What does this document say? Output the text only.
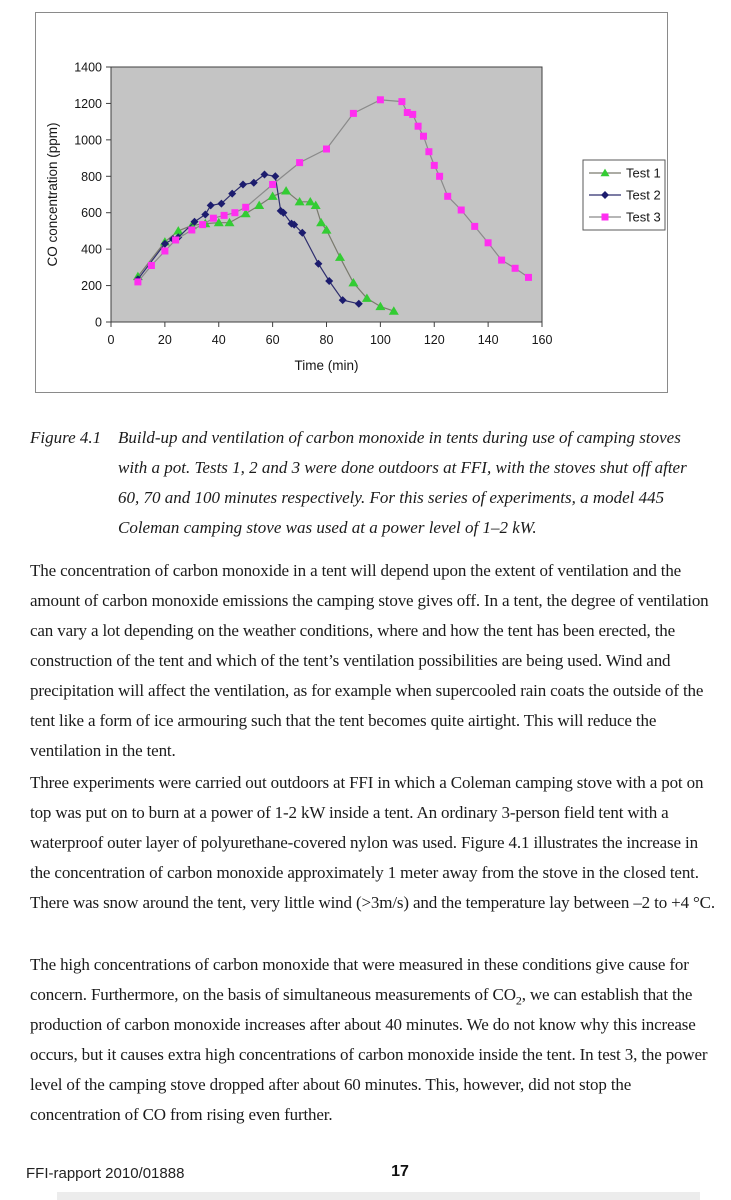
0
200
400
600
800
1000
1200
1400
0	20	40	60	80	100	120	140	160
Time (min)
CO concentration (ppm)	Test 1
Test 2
Test 3
Figure 4.1 Build-up and ventilation of carbon monoxide in tents during use of camping stoves with a pot. Tests 1, 2 and 3 were done outdoors at FFI, with the stoves shut off after 60, 70 and 100 minutes respectively. For this series of experiments, a model 445 Coleman camping stove was used at a power level of 1–2 kW.

The concentration of carbon monoxide in a tent will depend upon the extent of ventilation and the amount of carbon monoxide emissions the camping stove gives off. In a tent, the degree of ventilation can vary a lot depending on the weather conditions, where and how the tent has been erected, the construction of the tent and which of the tent’s ventilation possibilities are being used. Wind and precipitation will affect the ventilation, as for example when supercooled rain coats the outside of the tent like a form of ice armouring such that the tent becomes quite airtight. This will reduce the ventilation in the tent.

Three experiments were carried out outdoors at FFI in which a Coleman camping stove with a pot on top was put on to burn at a power of 1-2 kW inside a tent. An ordinary 3-person field tent with a waterproof outer layer of polyurethane-covered nylon was used. Figure 4.1 illustrates the increase in the concentration of carbon monoxide approximately 1 meter away from the stove in the closed tent. There was snow around the tent, very little wind (>3m/s) and the temperature lay between –2 to +4 °C.

The high concentrations of carbon monoxide that were measured in these conditions give cause for concern. Furthermore, on the basis of simultaneous measurements of $CO_2$, we can establish that the production of carbon monoxide increases after about 40 minutes. We do not know why this increase occurs, but it causes extra high concentrations of carbon monoxide inside the tent. In test 3, the power level of the camping stove dropped after about 60 minutes. This, however, did not stop the concentration of CO from rising even further.

FFI-rapport 2010/01888	17
